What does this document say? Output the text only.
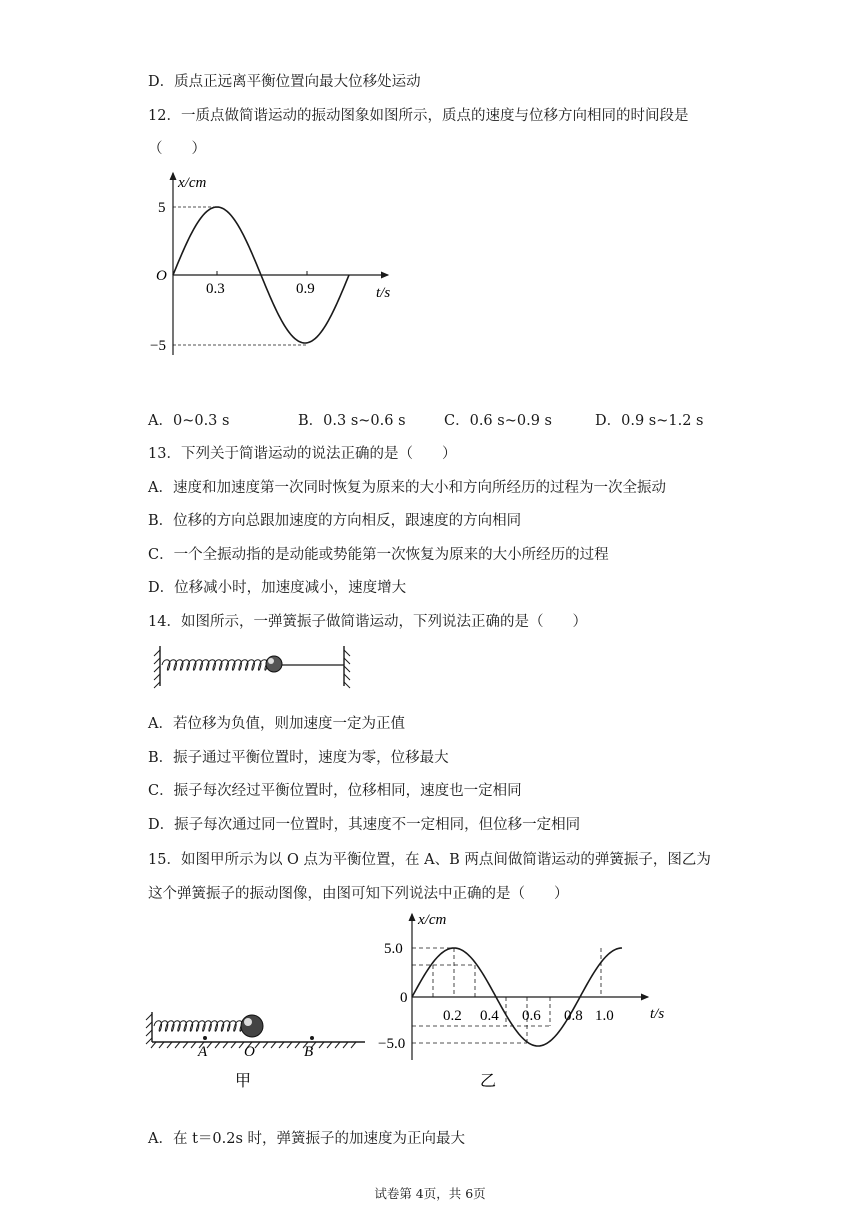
D．质点正远离平衡位置向最大位移处运动
12．一质点做简谐运动的振动图象如图所示，质点的速度与位移方向相同的时间段是
（　　）
x/cm
O
5
−5
0.3	0.9	t/s
A．0~0.3 s	B．0.3 s~0.6 s	C．0.6 s~0.9 s	D．0.9 s~1.2 s
13．下列关于简谐运动的说法正确的是（　　）
A．速度和加速度第一次同时恢复为原来的大小和方向所经历的过程为一次全振动
B．位移的方向总跟加速度的方向相反，跟速度的方向相同
C．一个全振动指的是动能或势能第一次恢复为原来的大小所经历的过程
D．位移减小时，加速度减小，速度增大
14．如图所示，一弹簧振子做简谐运动，下列说法正确的是（　　）
A．若位移为负值，则加速度一定为正值
B．振子通过平衡位置时，速度为零，位移最大
C．振子每次经过平衡位置时，位移相同，速度也一定相同
D．振子每次通过同一位置时，其速度不一定相同，但位移一定相同
15．如图甲所示为以 O 点为平衡位置，在 A、B 两点间做简谐运动的弹簧振子，图乙为
这个弹簧振子的振动图像，由图可知下列说法中正确的是（　　）
A O	B
甲
x/cm
5.0
0
−5.0
0.2 0.4 0.6 0.8 1.0 t/s
乙
A．在 t＝0.2s 时，弹簧振子的加速度为正向最大
试卷第 4页，共 6页
